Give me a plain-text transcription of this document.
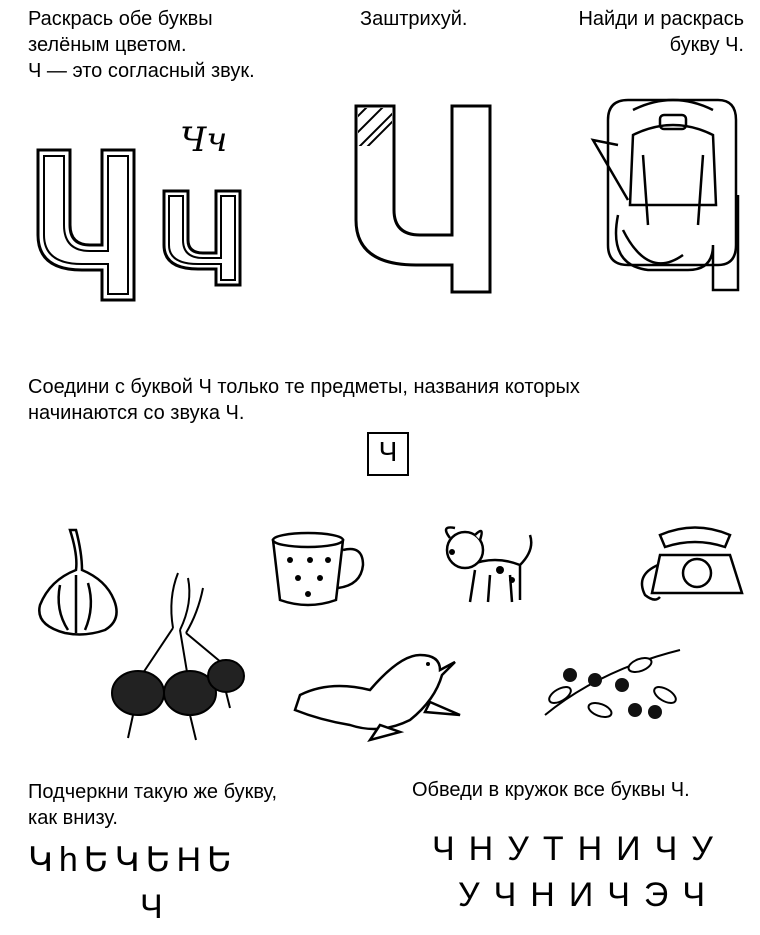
Раскрась обе буквы
зелёным цветом.
Ч — это согласный звук.
Чч
Заштрихуй.	Найди и раскрась
букву Ч.
Соедини с буквой Ч только те предметы, названия которых
начинаются со звука Ч.
Ч
Подчеркни такую же букву,
как внизу.
ԿhԵԿԵHԵ
Ч
Обведи в кружок все буквы Ч.
ЧНУТНИЧУ
УЧНИЧЭЧ
